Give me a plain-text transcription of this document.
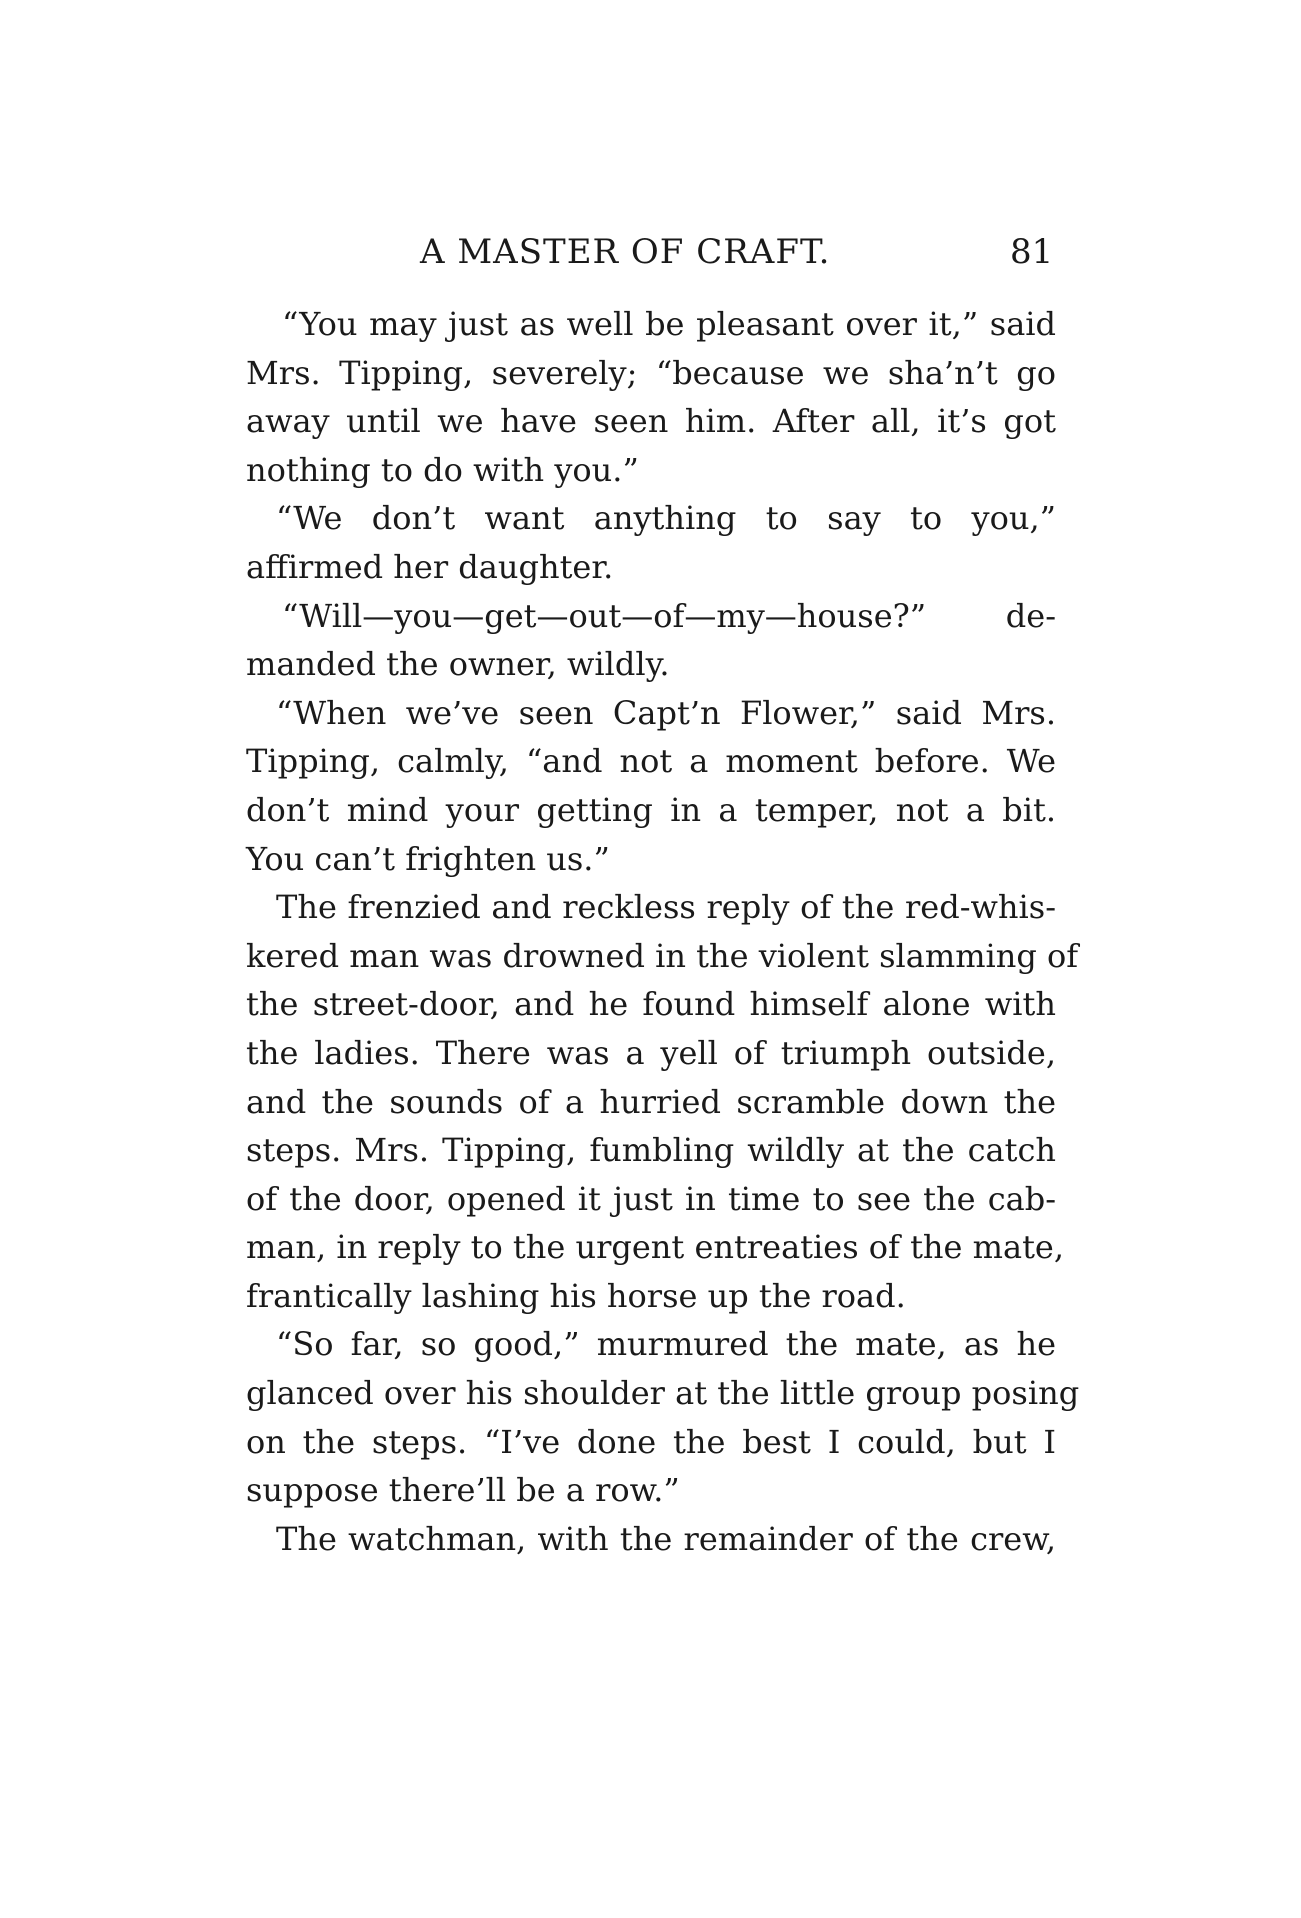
A MASTER OF CRAFT.	81
“You may just as well be pleasant over it,” said
Mrs. Tipping, severely; “because we sha’n’t go
away until we have seen him. After all, it’s got
nothing to do with you.”
“We don’t want anything to say to you,”
affirmed her daughter.
“Will—you—get—out—of—my—house?” de-
manded the owner, wildly.
“When we’ve seen Capt’n Flower,” said Mrs.
Tipping, calmly, “and not a moment before. We
don’t mind your getting in a temper, not a bit.
You can’t frighten us.”
The frenzied and reckless reply of the red-whis-
kered man was drowned in the violent slamming of
the street-door, and he found himself alone with
the ladies. There was a yell of triumph outside,
and the sounds of a hurried scramble down the
steps. Mrs. Tipping, fumbling wildly at the catch
of the door, opened it just in time to see the cab-
man, in reply to the urgent entreaties of the mate,
frantically lashing his horse up the road.
“So far, so good,” murmured the mate, as he
glanced over his shoulder at the little group posing
on the steps. “I’ve done the best I could, but I
suppose there’ll be a row.”
The watchman, with the remainder of the crew,
